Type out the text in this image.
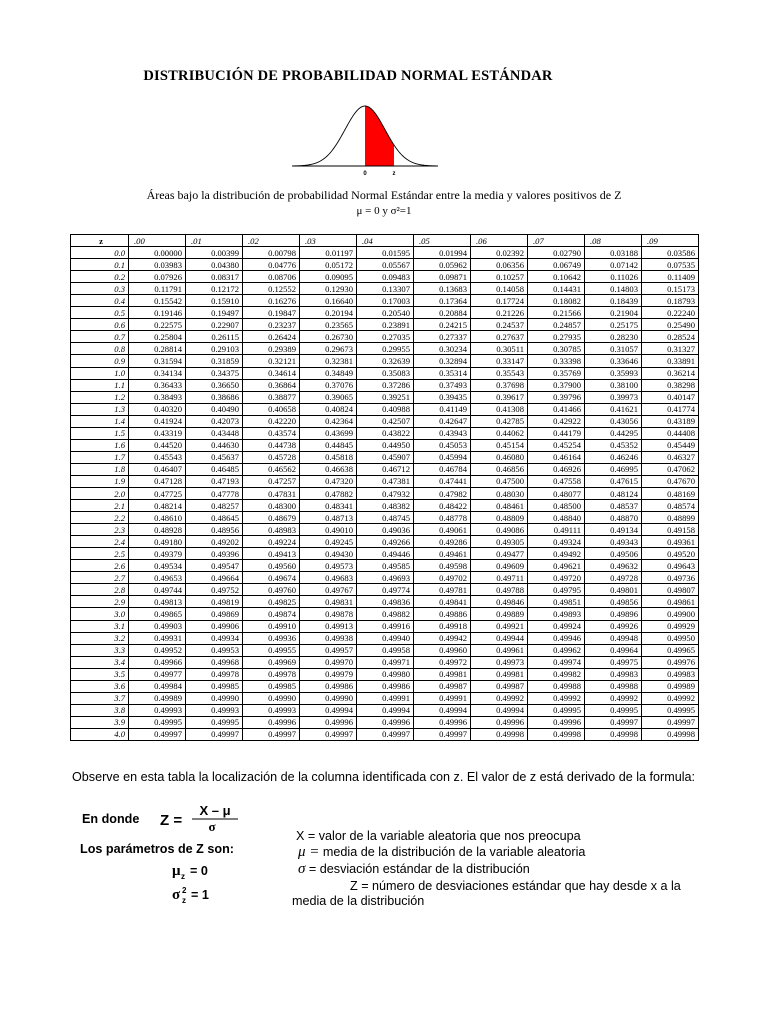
DISTRIBUCIÓN DE PROBABILIDAD NORMAL ESTÁNDAR
0	z
Áreas bajo la distribución de probabilidad Normal Estándar entre la media y valores positivos de Z
μ = 0 y σ²=1
z	.00	.01	.02	.03	.04	.05	.06	.07	.08	.09
0.0	0.00000	0.00399	0.00798	0.01197	0.01595	0.01994	0.02392	0.02790	0.03188	0.03586
0.1	0.03983	0.04380	0.04776	0.05172	0.05567	0.05962	0.06356	0.06749	0.07142	0.07535
0.2	0.07926	0.08317	0.08706	0.09095	0.09483	0.09871	0.10257	0.10642	0.11026	0.11409
0.3	0.11791	0.12172	0.12552	0.12930	0.13307	0.13683	0.14058	0.14431	0.14803	0.15173
0.4	0.15542	0.15910	0.16276	0.16640	0.17003	0.17364	0.17724	0.18082	0.18439	0.18793
0.5	0.19146	0.19497	0.19847	0.20194	0.20540	0.20884	0.21226	0.21566	0.21904	0.22240
0.6	0.22575	0.22907	0.23237	0.23565	0.23891	0.24215	0.24537	0.24857	0.25175	0.25490
0.7	0.25804	0.26115	0.26424	0.26730	0.27035	0.27337	0.27637	0.27935	0.28230	0.28524
0.8	0.28814	0.29103	0.29389	0.29673	0.29955	0.30234	0.30511	0.30785	0.31057	0.31327
0.9	0.31594	0.31859	0.32121	0.32381	0.32639	0.32894	0.33147	0.33398	0.33646	0.33891
1.0	0.34134	0.34375	0.34614	0.34849	0.35083	0.35314	0.35543	0.35769	0.35993	0.36214
1.1	0.36433	0.36650	0.36864	0.37076	0.37286	0.37493	0.37698	0.37900	0.38100	0.38298
1.2	0.38493	0.38686	0.38877	0.39065	0.39251	0.39435	0.39617	0.39796	0.39973	0.40147
1.3	0.40320	0.40490	0.40658	0.40824	0.40988	0.41149	0.41308	0.41466	0.41621	0.41774
1.4	0.41924	0.42073	0.42220	0.42364	0.42507	0.42647	0.42785	0.42922	0.43056	0.43189
1.5	0.43319	0.43448	0.43574	0.43699	0.43822	0.43943	0.44062	0.44179	0.44295	0.44408
1.6	0.44520	0.44630	0.44738	0.44845	0.44950	0.45053	0.45154	0.45254	0.45352	0.45449
1.7	0.45543	0.45637	0.45728	0.45818	0.45907	0.45994	0.46080	0.46164	0.46246	0.46327
1.8	0.46407	0.46485	0.46562	0.46638	0.46712	0.46784	0.46856	0.46926	0.46995	0.47062
1.9	0.47128	0.47193	0.47257	0.47320	0.47381	0.47441	0.47500	0.47558	0.47615	0.47670
2.0	0.47725	0.47778	0.47831	0.47882	0.47932	0.47982	0.48030	0.48077	0.48124	0.48169
2.1	0.48214	0.48257	0.48300	0.48341	0.48382	0.48422	0.48461	0.48500	0.48537	0.48574
2.2	0.48610	0.48645	0.48679	0.48713	0.48745	0.48778	0.48809	0.48840	0.48870	0.48899
2.3	0.48928	0.48956	0.48983	0.49010	0.49036	0.49061	0.49086	0.49111	0.49134	0.49158
2.4	0.49180	0.49202	0.49224	0.49245	0.49266	0.49286	0.49305	0.49324	0.49343	0.49361
2.5	0.49379	0.49396	0.49413	0.49430	0.49446	0.49461	0.49477	0.49492	0.49506	0.49520
2.6	0.49534	0.49547	0.49560	0.49573	0.49585	0.49598	0.49609	0.49621	0.49632	0.49643
2.7	0.49653	0.49664	0.49674	0.49683	0.49693	0.49702	0.49711	0.49720	0.49728	0.49736
2.8	0.49744	0.49752	0.49760	0.49767	0.49774	0.49781	0.49788	0.49795	0.49801	0.49807
2.9	0.49813	0.49819	0.49825	0.49831	0.49836	0.49841	0.49846	0.49851	0.49856	0.49861
3.0	0.49865	0.49869	0.49874	0.49878	0.49882	0.49886	0.49889	0.49893	0.49896	0.49900
3.1	0.49903	0.49906	0.49910	0.49913	0.49916	0.49918	0.49921	0.49924	0.49926	0.49929
3.2	0.49931	0.49934	0.49936	0.49938	0.49940	0.49942	0.49944	0.49946	0.49948	0.49950
3.3	0.49952	0.49953	0.49955	0.49957	0.49958	0.49960	0.49961	0.49962	0.49964	0.49965
3.4	0.49966	0.49968	0.49969	0.49970	0.49971	0.49972	0.49973	0.49974	0.49975	0.49976
3.5	0.49977	0.49978	0.49978	0.49979	0.49980	0.49981	0.49981	0.49982	0.49983	0.49983
3.6	0.49984	0.49985	0.49985	0.49986	0.49986	0.49987	0.49987	0.49988	0.49988	0.49989
3.7	0.49989	0.49990	0.49990	0.49990	0.49991	0.49991	0.49992	0.49992	0.49992	0.49992
3.8	0.49993	0.49993	0.49993	0.49994	0.49994	0.49994	0.49994	0.49995	0.49995	0.49995
3.9	0.49995	0.49995	0.49996	0.49996	0.49996	0.49996	0.49996	0.49996	0.49997	0.49997
4.0	0.49997	0.49997	0.49997	0.49997	0.49997	0.49997	0.49998	0.49998	0.49998	0.49998
Observe en esta tabla la localización de la columna identificada con z. El valor de z está derivado de la formula:
En donde Z =
X – μ
σ
Los parámetros de Z son:
μ z = 0
σ 2
z = 1
X = valor de la variable aleatoria que nos preocupa
μ = media de la distribución de la variable aleatoria
σ = desviación estándar de la distribución
Z = número de desviaciones estándar que hay desde x a la media de la distribución
